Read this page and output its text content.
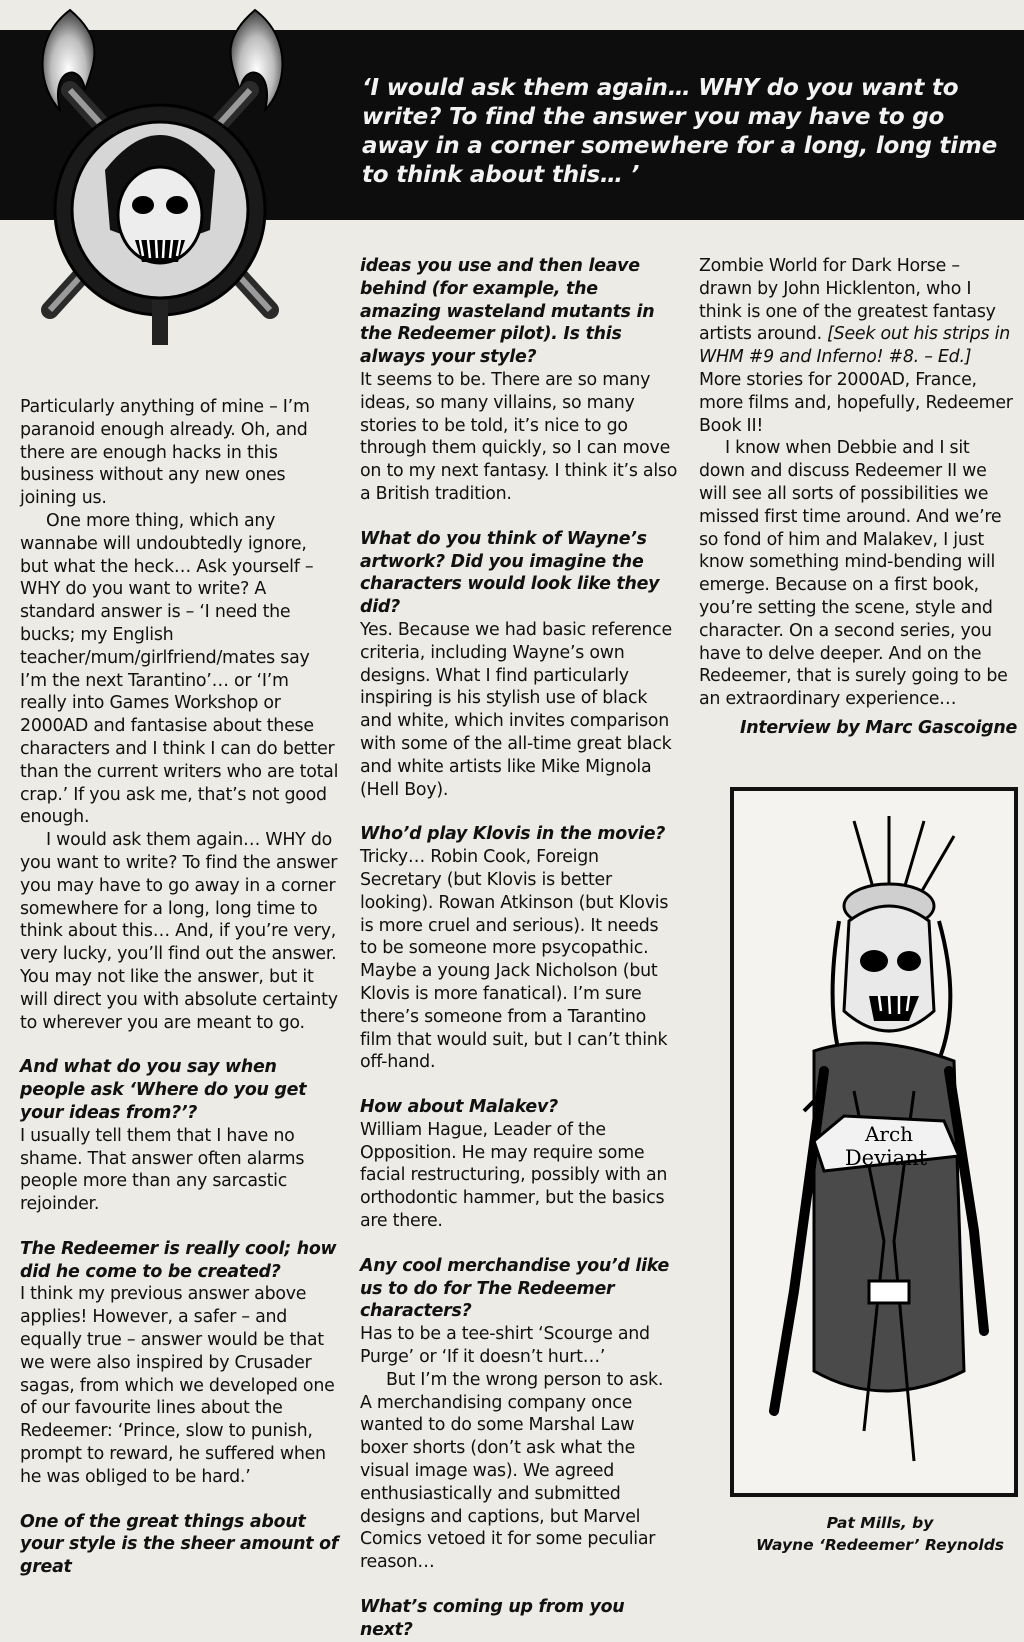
‘I would ask them again… WHY do you want to write? To find the answer you may have to go away in a corner somewhere for a long, long time to think about this… ’

Particularly anything of mine – I’m paranoid enough already. Oh, and there are enough hacks in this business without any new ones joining us.

One more thing, which any wannabe will undoubtedly ignore, but what the heck… Ask yourself – WHY do you want to write? A standard answer is – ‘I need the bucks; my English teacher/mum/girlfriend/mates say I’m the next Tarantino’… or ‘I’m really into Games Workshop or 2000AD and fantasise about these characters and I think I can do better than the current writers who are total crap.’ If you ask me, that’s not good enough.

I would ask them again… WHY do you want to write? To find the answer you may have to go away in a corner somewhere for a long, long time to think about this… And, if you’re very, very lucky, you’ll find out the answer. You may not like the answer, but it will direct you with absolute certainty to wherever you are meant to go.

And what do you say when people ask ‘Where do you get your ideas from?’?

I usually tell them that I have no shame. That answer often alarms people more than any sarcastic rejoinder.

The Redeemer is really cool; how did he come to be created?

I think my previous answer above applies! However, a safer – and equally true – answer would be that we were also inspired by Crusader sagas, from which we developed one of our favourite lines about the Redeemer: ‘Prince, slow to punish, prompt to reward, he suffered when he was obliged to be hard.’

One of the great things about your style is the sheer amount of great

ideas you use and then leave behind (for example, the amazing wasteland mutants in the Redeemer pilot). Is this always your style?

It seems to be. There are so many ideas, so many villains, so many stories to be told, it’s nice to go through them quickly, so I can move on to my next fantasy. I think it’s also a British tradition.

What do you think of Wayne’s artwork? Did you imagine the characters would look like they did?

Yes. Because we had basic reference criteria, including Wayne’s own designs. What I find particularly inspiring is his stylish use of black and white, which invites comparison with some of the all-time great black and white artists like Mike Mignola (Hell Boy).

Who’d play Klovis in the movie?

Tricky… Robin Cook, Foreign Secretary (but Klovis is better looking). Rowan Atkinson (but Klovis is more cruel and serious). It needs to be someone more psycopathic. Maybe a young Jack Nicholson (but Klovis is more fanatical). I’m sure there’s someone from a Tarantino film that would suit, but I can’t think off-hand.

How about Malakev?

William Hague, Leader of the Opposition. He may require some facial restructuring, possibly with an orthodontic hammer, but the basics are there.

Any cool merchandise you’d like us to do for The Redeemer characters?

Has to be a tee-shirt ‘Scourge and Purge’ or ‘If it doesn’t hurt…’

But I’m the wrong person to ask. A merchandising company once wanted to do some Marshal Law boxer shorts (don’t ask what the visual image was). We agreed enthusiastically and submitted designs and captions, but Marvel Comics vetoed it for some peculiar reason…

What’s coming up from you next?

Zombie World for Dark Horse – drawn by John Hicklenton, who I think is one of the greatest fantasy artists around. [Seek out his strips in WHM #9 and Inferno! #8. – Ed.] More stories for 2000AD, France, more films and, hopefully, Redeemer Book II!

I know when Debbie and I sit down and discuss Redeemer II we will see all sorts of possibilities we missed first time around. And we’re so fond of him and Malakev, I just know something mind-bending will emerge. Because on a first book, you’re setting the scene, style and character. On a second series, you have to delve deeper. And on the Redeemer, that is surely going to be an extraordinary experience…

Interview by Marc Gascoigne

Arch
Deviant
Pat Mills, by
Wayne ‘Redeemer’ Reynolds
